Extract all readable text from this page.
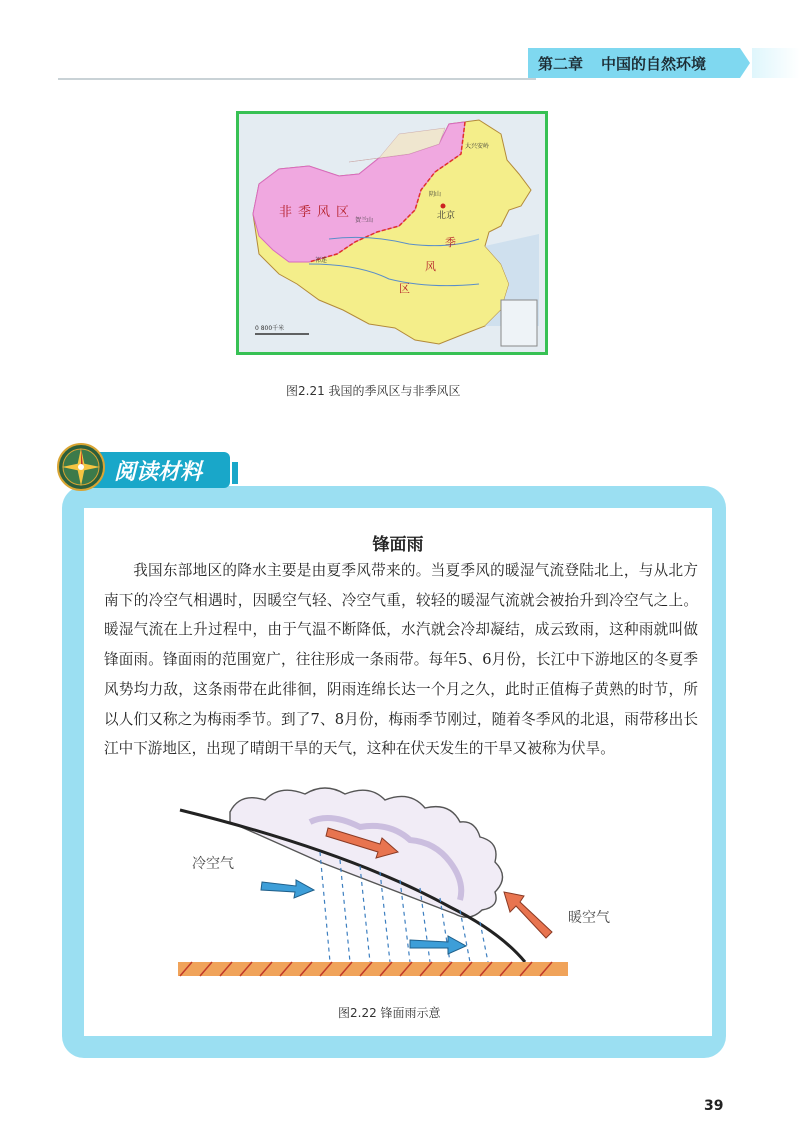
第二章 中国的自然环境
非季风区
季
风
区
北京
大兴安岭
阴山
贺兰山
祁连
0 800千米
图2.21 我国的季风区与非季风区
阅读材料
锋面雨

我国东部地区的降水主要是由夏季风带来的。当夏季风的暖湿气流登陆北上，与从北方南下的冷空气相遇时，因暖空气轻、冷空气重，较轻的暖湿气流就会被抬升到冷空气之上。暖湿气流在上升过程中，由于气温不断降低，水汽就会冷却凝结，成云致雨，这种雨就叫做锋面雨。锋面雨的范围宽广，往往形成一条雨带。每年5、6月份，长江中下游地区的冬夏季风势均力敌，这条雨带在此徘徊，阴雨连绵长达一个月之久，此时正值梅子黄熟的时节，所以人们又称之为梅雨季节。到了7、8月份，梅雨季节刚过，随着冬季风的北退，雨带移出长江中下游地区，出现了晴朗干旱的天气，这种在伏天发生的干旱又被称为伏旱。

冷空气
暖空气
图2.22 锋面雨示意
39
